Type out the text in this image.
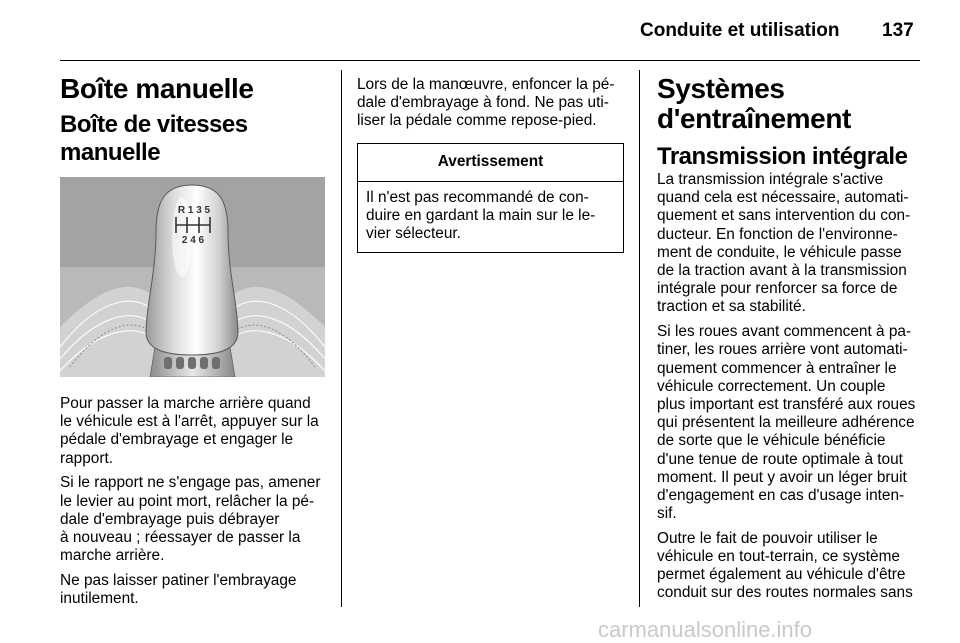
Conduite et utilisation 137
Boîte manuelle
Boîte de vitesses manuelle
R 1 3 5
2 4 6

Pour passer la marche arrière quand
le véhicule est à l'arrêt, appuyer sur la
pédale d'embrayage et engager le
rapport.

Si le rapport ne s'engage pas, amener
le levier au point mort, relâcher la pé-
dale d'embrayage puis débrayer
à nouveau ; réessayer de passer la
marche arrière.

Ne pas laisser patiner l'embrayage
inutilement.

Lors de la manœuvre, enfoncer la pé-
dale d'embrayage à fond. Ne pas uti-
liser la pédale comme repose-pied.

Avertissement
Il n'est pas recommandé de con-
duire en gardant la main sur le le-
vier sélecteur.
Systèmes
d'entraînement
Transmission intégrale

La transmission intégrale s'active
quand cela est nécessaire, automati-
quement et sans intervention du con-
ducteur. En fonction de l'environne-
ment de conduite, le véhicule passe
de la traction avant à la transmission
intégrale pour renforcer sa force de
traction et sa stabilité.

Si les roues avant commencent à pa-
tiner, les roues arrière vont automati-
quement commencer à entraîner le
véhicule correctement. Un couple
plus important est transféré aux roues
qui présentent la meilleure adhérence
de sorte que le véhicule bénéficie
d'une tenue de route optimale à tout
moment. Il peut y avoir un léger bruit
d'engagement en cas d'usage inten-
sif.

Outre le fait de pouvoir utiliser le
véhicule en tout-terrain, ce système
permet également au véhicule d'être
conduit sur des routes normales sans

carmanualsonline.info
